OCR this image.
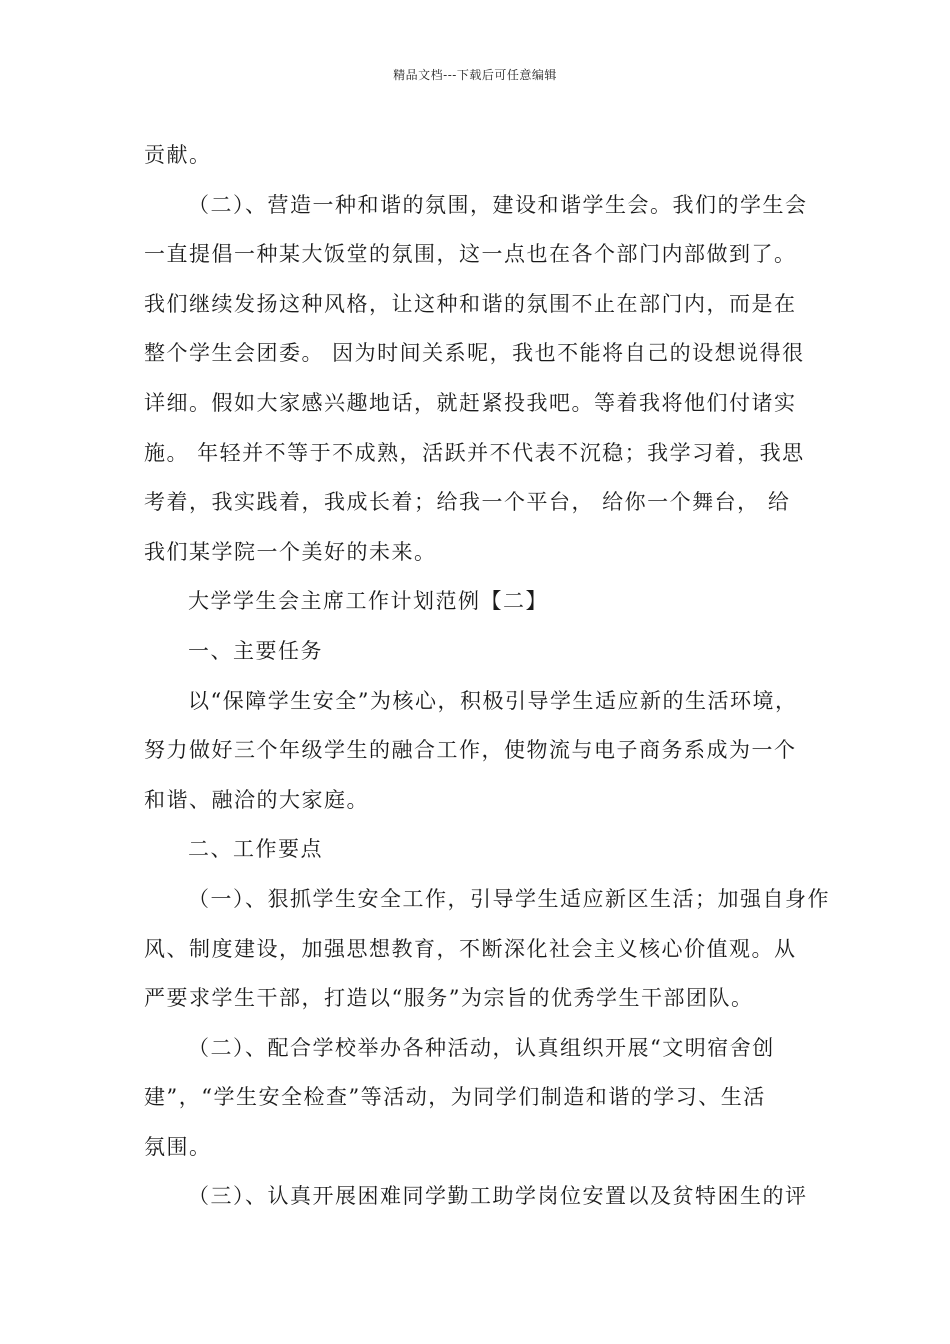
精品文档---下载后可任意编辑
贡献。
（二）、营造一种和谐的氛围，建设和谐学生会。我们的学生会
一直提倡一种某大饭堂的氛围，这一点也在各个部门内部做到了。
我们继续发扬这种风格，让这种和谐的氛围不止在部门内，而是在
整个学生会团委。 因为时间关系呢，我也不能将自己的设想说得很
详细。假如大家感兴趣地话，就赶紧投我吧。等着我将他们付诸实
施。 年轻并不等于不成熟，活跃并不代表不沉稳；我学习着，我思
考着，我实践着，我成长着；给我一个平台， 给你一个舞台， 给
我们某学院一个美好的未来。
大学学生会主席工作计划范例【二】
一、主要任务
以“保障学生安全”为核心，积极引导学生适应新的生活环境，
努力做好三个年级学生的融合工作，使物流与电子商务系成为一个
和谐、融洽的大家庭。
二、工作要点
（一）、狠抓学生安全工作，引导学生适应新区生活；加强自身作
风、制度建设，加强思想教育，不断深化社会主义核心价值观。从
严要求学生干部，打造以“服务”为宗旨的优秀学生干部团队。
（二）、配合学校举办各种活动，认真组织开展“文明宿舍创
建”，“学生安全检查”等活动，为同学们制造和谐的学习、生活
氛围。
（三）、认真开展困难同学勤工助学岗位安置以及贫特困生的评
